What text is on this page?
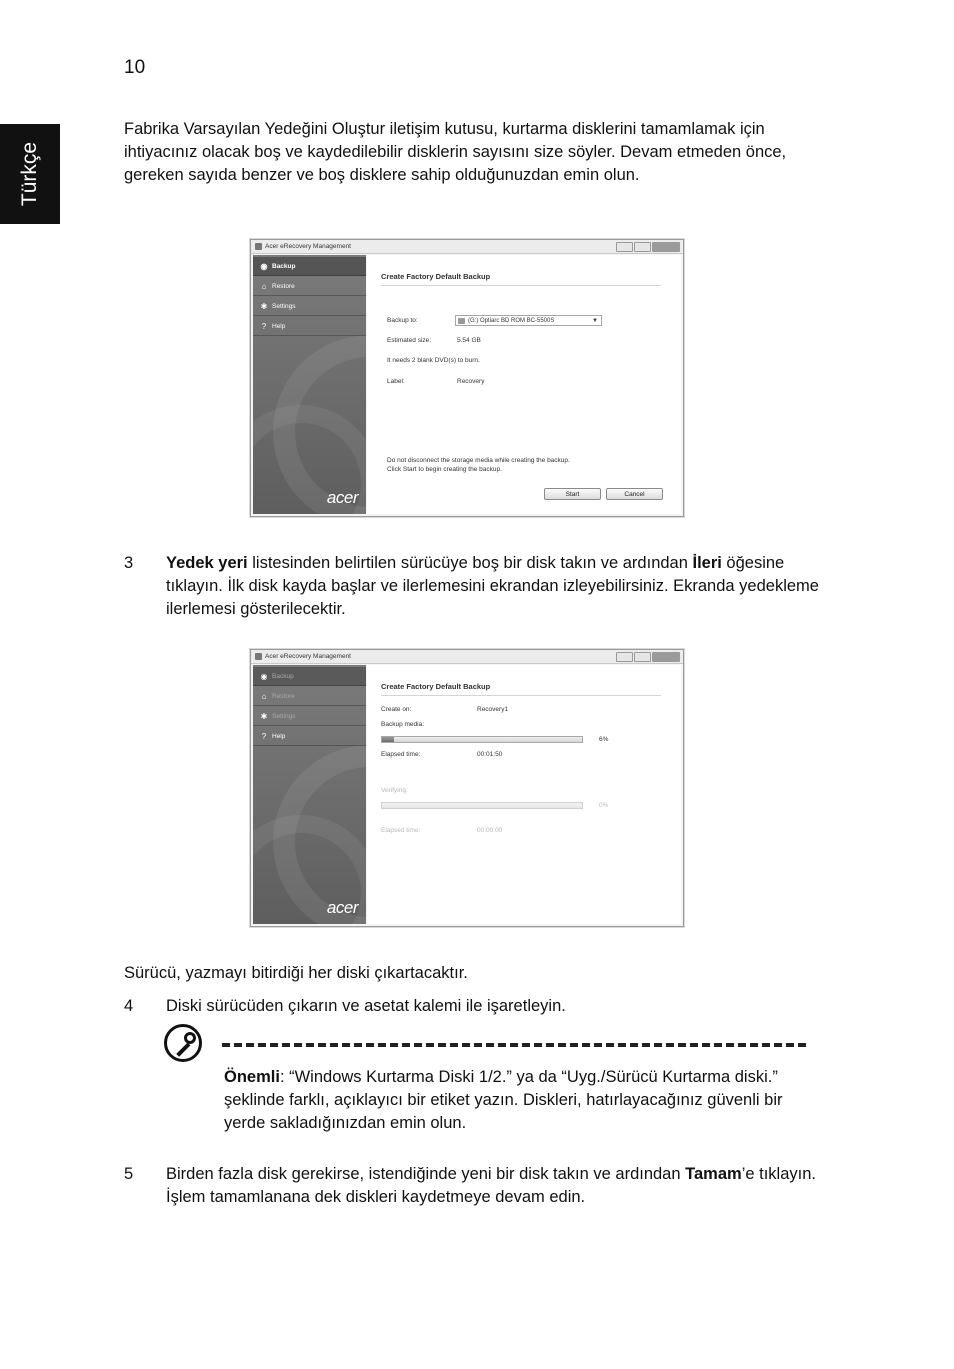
10
Türkçe
Fabrika Varsayılan Yedeğini Oluştur iletişim kutusu, kurtarma disklerini tamamlamak için ihtiyacınız olacak boş ve kaydedilebilir disklerin sayısını size söyler. Devam etmeden önce, gereken sayıda benzer ve boş disklere sahip olduğunuzdan emin olun.
Acer eRecovery Management
◉ Backup
⌂ Restore
✱ Settings
? Help
acer
Create Factory Default Backup
Backup to:	(G:) Optiarc BD ROM BC-5500S	▼
Estimated size:	5.54 GB
It needs 2 blank DVD(s) to burn.
Label:	Recovery
Do not disconnect the storage media while creating the backup.
Click Start to begin creating the backup.
Start	Cancel
3 Yedek yeri listesinden belirtilen sürücüye boş bir disk takın ve ardından İleri öğesine tıklayın. İlk disk kayda başlar ve ilerlemesini ekrandan izleyebilirsiniz. Ekranda yedekleme ilerlemesi gösterilecektir.
Acer eRecovery Management
◉ Backup
⌂ Restore
✱ Settings
? Help
acer
Create Factory Default Backup
Create on:	Recovery1
Backup media:
6%
Elapsed time:	00:01:50
Verifying:
0%
Elapsed time:	00:00:00
Sürücü, yazmayı bitirdiği her diski çıkartacaktır.
4 Diski sürücüden çıkarın ve asetat kalemi ile işaretleyin.
Önemli: “Windows Kurtarma Diski 1/2.” ya da “Uyg./Sürücü Kurtarma diski.” şeklinde farklı, açıklayıcı bir etiket yazın. Diskleri, hatırlayacağınız güvenli bir yerde sakladığınızdan emin olun.
5 Birden fazla disk gerekirse, istendiğinde yeni bir disk takın ve ardından Tamam’e tıklayın. İşlem tamamlanana dek diskleri kaydetmeye devam edin.
